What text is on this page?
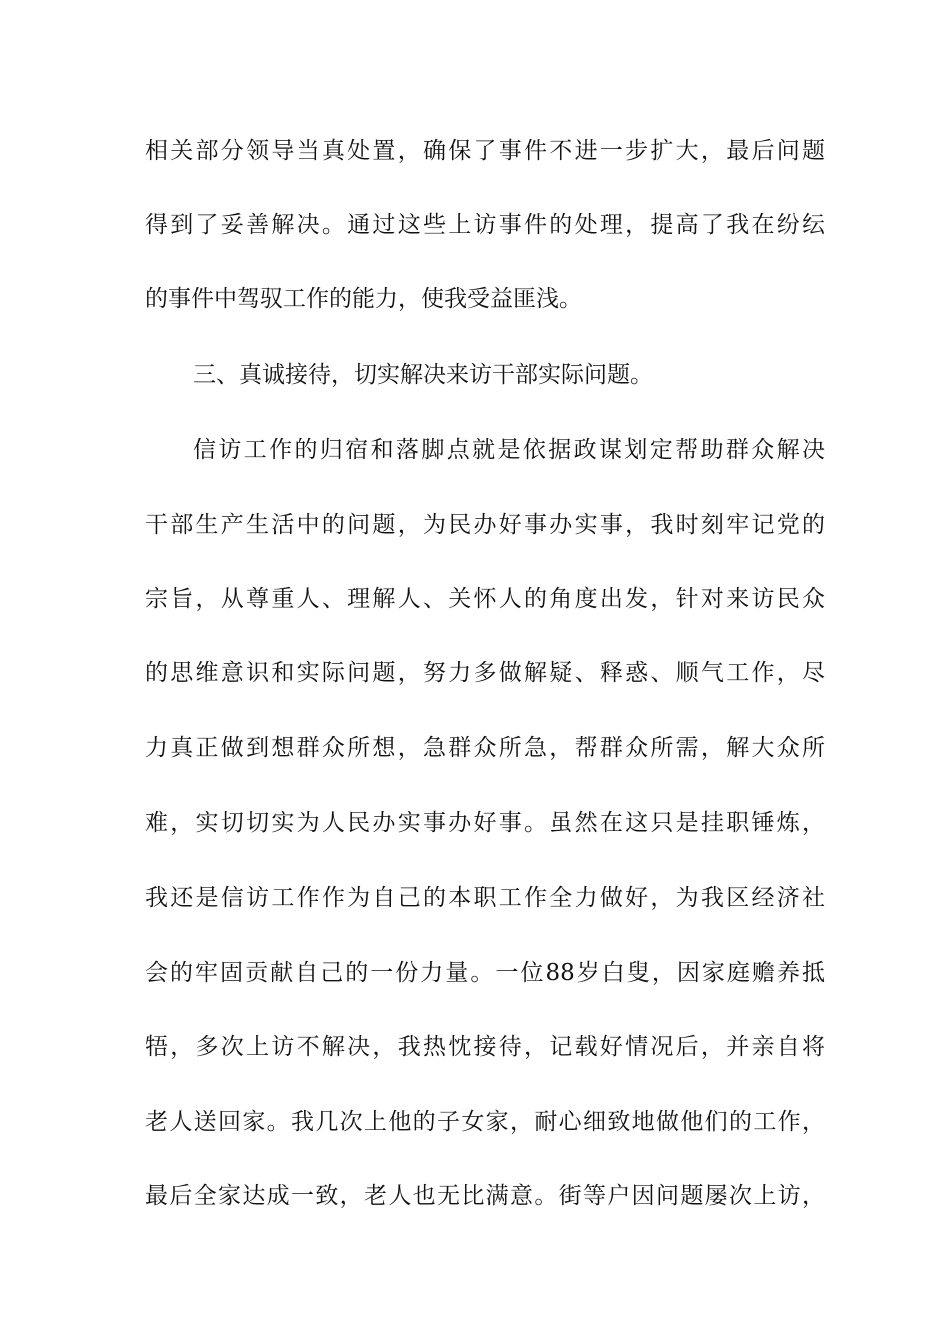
相关部分领导当真处置，确保了事件不进一步扩大，最后问题
得到了妥善解决。通过这些上访事件的处理，提高了我在纷纭
的事件中驾驭工作的能力，使我受益匪浅。
三、真诚接待，切实解决来访干部实际问题。
信访工作的归宿和落脚点就是依据政谋划定帮助群众解决
干部生产生活中的问题，为民办好事办实事，我时刻牢记党的
宗旨，从尊重人、理解人、关怀人的角度出发，针对来访民众
的思维意识和实际问题，努力多做解疑、释惑、顺气工作，尽
力真正做到想群众所想，急群众所急，帮群众所需，解大众所
难，实切切实为人民办实事办好事。虽然在这只是挂职锤炼，
我还是信访工作作为自己的本职工作全力做好，为我区经济社
会的牢固贡献自己的一份力量。一位88岁白叟，因家庭赡养抵
牾，多次上访不解决，我热忱接待，记载好情况后，并亲自将
老人送回家。我几次上他的子女家，耐心细致地做他们的工作，
最后全家达成一致，老人也无比满意。街等户因问题屡次上访，
